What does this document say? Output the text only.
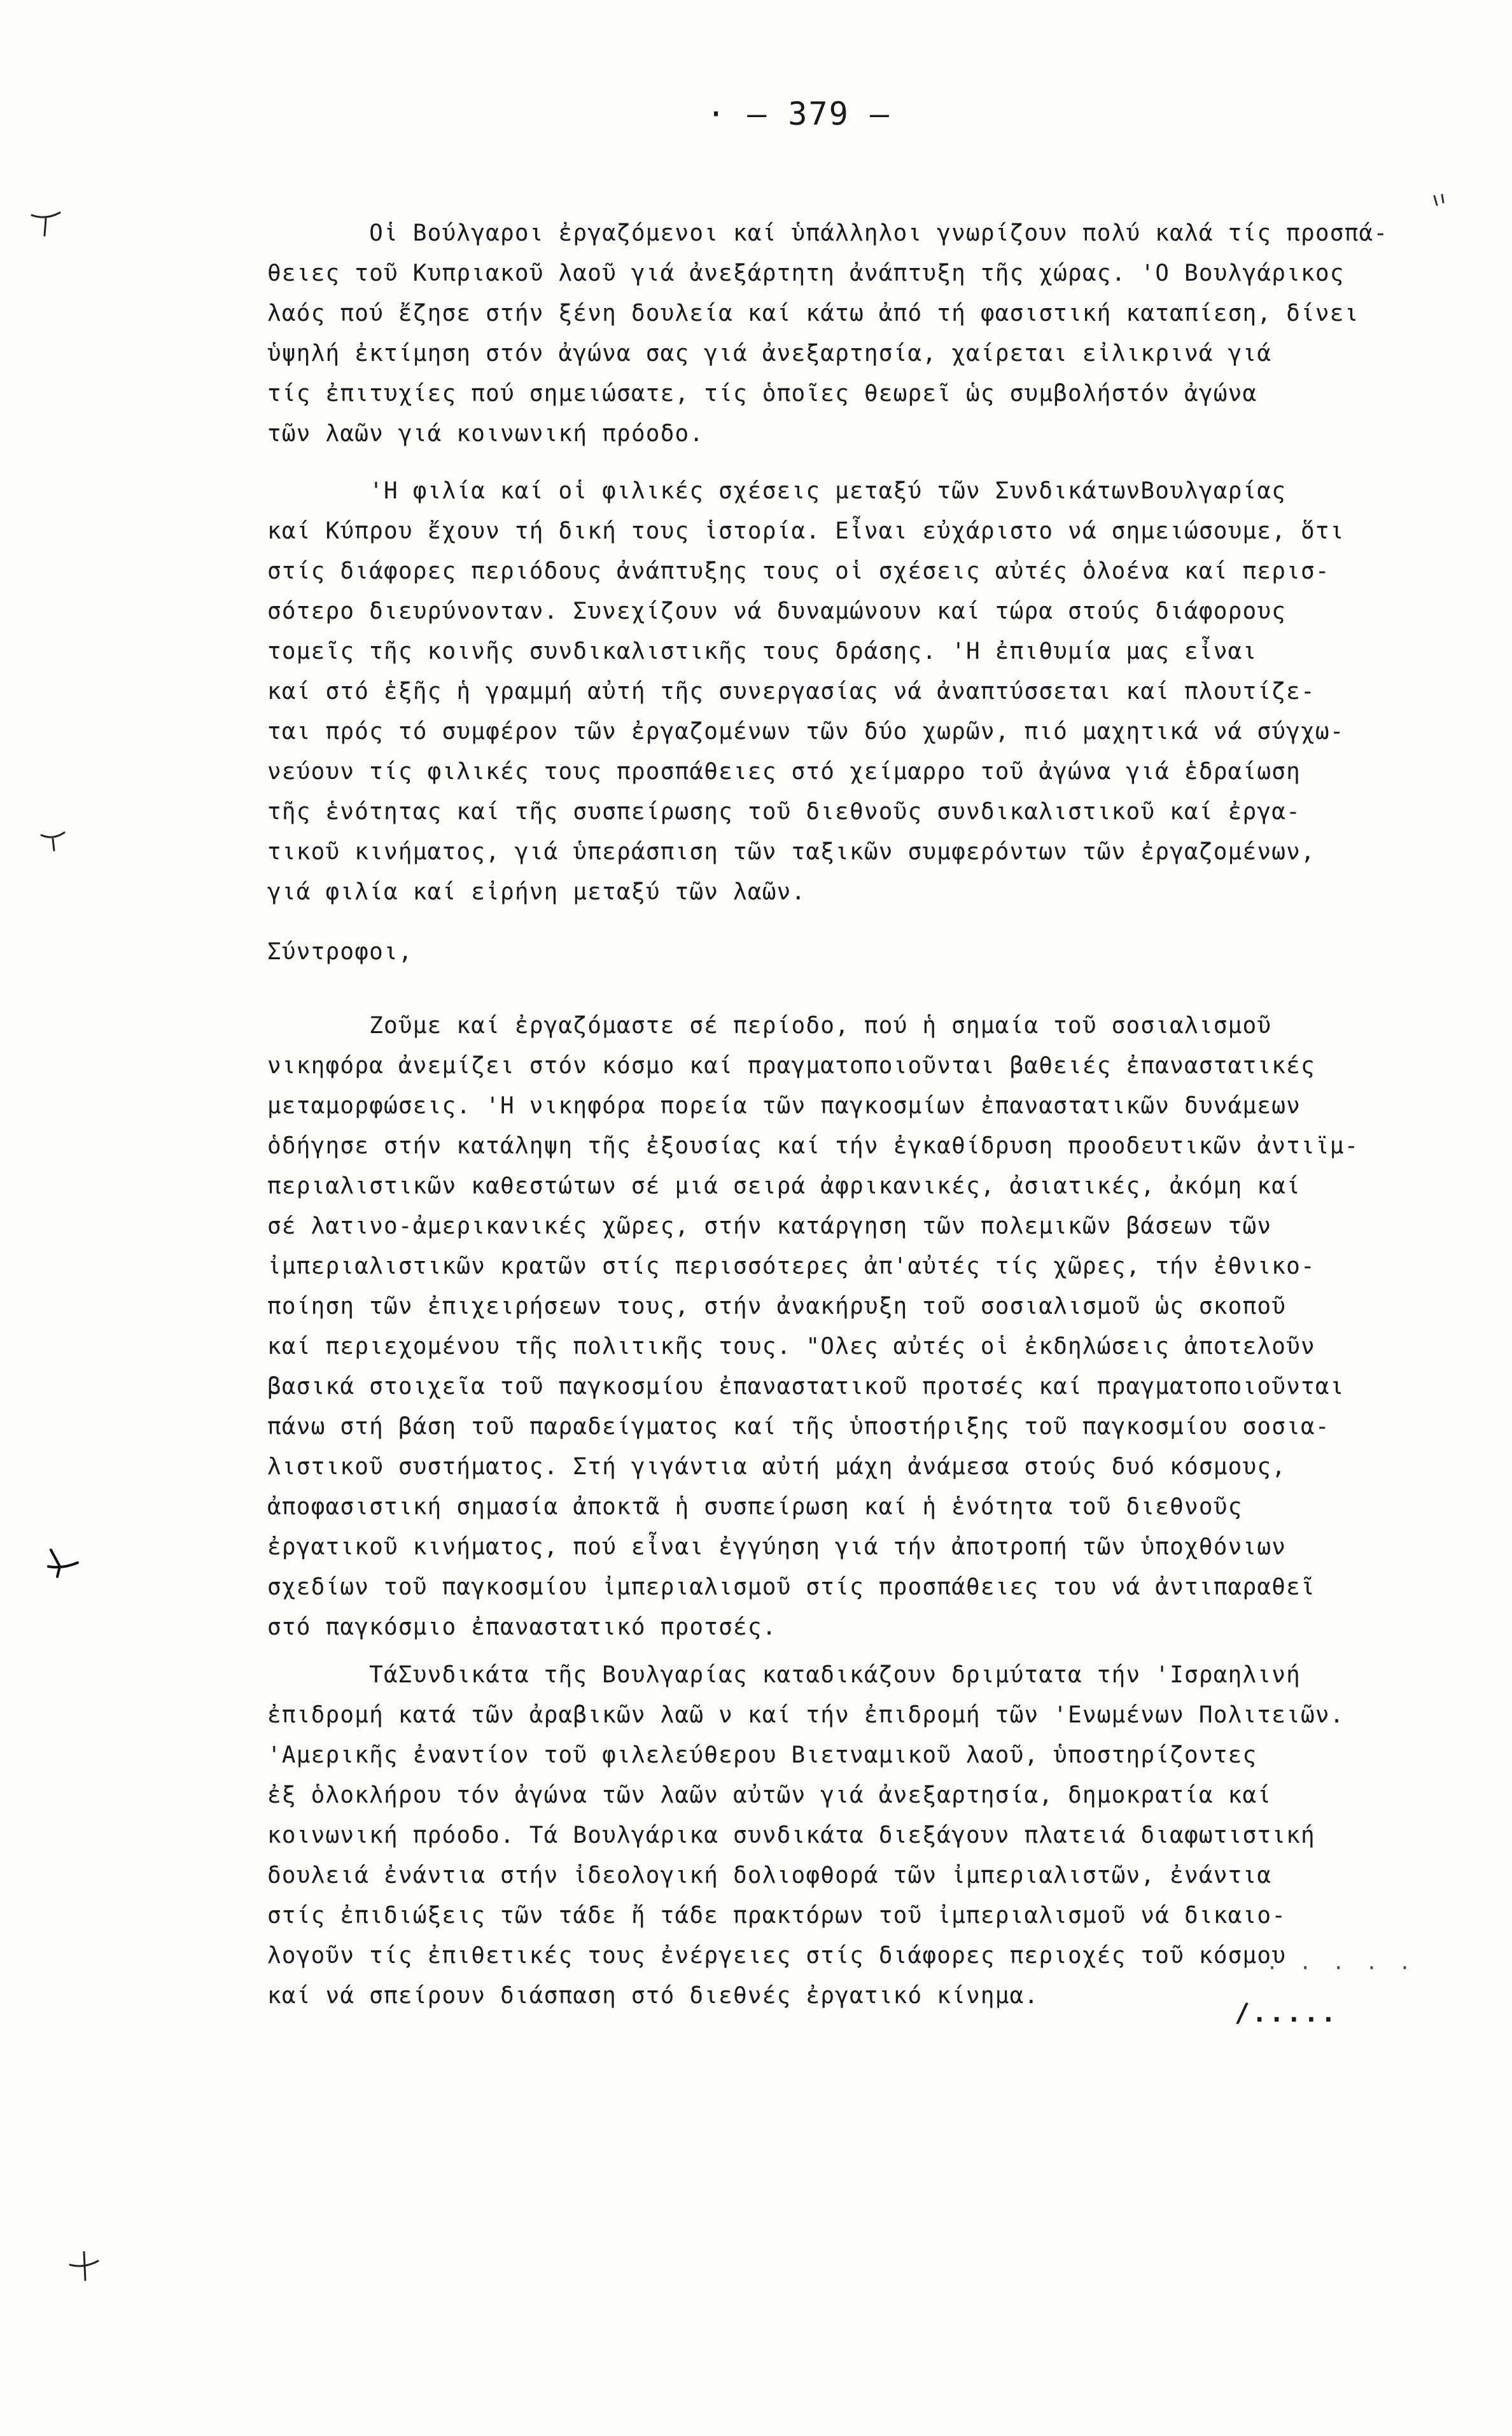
· – 379 –
Οἱ Βούλγαροι ἐργαζόμενοι καί ὑπάλληλοι γνωρίζουν πολύ καλά τίς προσπά-
θειες τοῦ Κυπριακοῦ λαοῦ γιά ἀνεξάρτητη ἀνάπτυξη τῆς χώρας. 'Ο Βουλγάρικος
λαός πού ἔζησε στήν ξένη δουλεία καί κάτω ἀπό τή φασιστική καταπίεση, δίνει
ὑψηλή ἐκτίμηση στόν ἀγώνα σας γιά ἀνεξαρτησία, χαίρεται εἰλικρινά γιά
τίς ἐπιτυχίες πού σημειώσατε, τίς ὁποῖες θεωρεῖ ὡς συμβολήστόν ἀγώνα
τῶν λαῶν γιά κοινωνική πρόοδο.
'Η φιλία καί οἱ φιλικές σχέσεις μεταξύ τῶν ΣυνδικάτωνΒουλγαρίας
καί Κύπρου ἔχουν τή δική τους ἱστορία. Εἶναι εὐχάριστο νά σημειώσουμε, ὅτι
στίς διάφορες περιόδους ἀνάπτυξης τους οἱ σχέσεις αὐτές ὁλοένα καί περισ-
σότερο διευρύνονταν. Συνεχίζουν νά δυναμώνουν καί τώρα στούς διάφορους
τομεῖς τῆς κοινῆς συνδικαλιστικῆς τους δράσης. 'Η ἐπιθυμία μας εἶναι
καί στό ἑξῆς ἡ γραμμή αὐτή τῆς συνεργασίας νά ἀναπτύσσεται καί πλουτίζε-
ται πρός τό συμφέρον τῶν ἐργαζομένων τῶν δύο χωρῶν, πιό μαχητικά νά σύγχω-
νεύουν τίς φιλικές τους προσπάθειες στό χείμαρρο τοῦ ἀγώνα γιά ἑδραίωση
τῆς ἑνότητας καί τῆς συσπείρωσης τοῦ διεθνοῦς συνδικαλιστικοῦ καί ἐργα-
τικοῦ κινήματος, γιά ὑπεράσπιση τῶν ταξικῶν συμφερόντων τῶν ἐργαζομένων,
γιά φιλία καί εἰρήνη μεταξύ τῶν λαῶν.
Σύντροφοι,
Ζοῦμε καί ἐργαζόμαστε σέ περίοδο, πού ἡ σημαία τοῦ σοσιαλισμοῦ
νικηφόρα ἀνεμίζει στόν κόσμο καί πραγματοποιοῦνται βαθειές ἐπαναστατικές
μεταμορφώσεις. 'Η νικηφόρα πορεία τῶν παγκοσμίων ἐπαναστατικῶν δυνάμεων
ὁδήγησε στήν κατάληψη τῆς ἐξουσίας καί τήν ἐγκαθίδρυση προοδευτικῶν ἀντιϊμ-
περιαλιστικῶν καθεστώτων σέ μιά σειρά ἀφρικανικές, ἀσιατικές, ἀκόμη καί
σέ λατινο-ἀμερικανικές χῶρες, στήν κατάργηση τῶν πολεμικῶν βάσεων τῶν
ἰμπεριαλιστικῶν κρατῶν στίς περισσότερες ἀπ'αὐτές τίς χῶρες, τήν ἐθνικο-
ποίηση τῶν ἐπιχειρήσεων τους, στήν ἀνακήρυξη τοῦ σοσιαλισμοῦ ὡς σκοποῦ
καί περιεχομένου τῆς πολιτικῆς τους. "Ολες αὐτές οἱ ἐκδηλώσεις ἀποτελοῦν
βασικά στοιχεῖα τοῦ παγκοσμίου ἐπαναστατικοῦ προτσές καί πραγματοποιοῦνται
πάνω στή βάση τοῦ παραδείγματος καί τῆς ὑποστήριξης τοῦ παγκοσμίου σοσια-
λιστικοῦ συστήματος. Στή γιγάντια αὐτή μάχη ἀνάμεσα στούς δυό κόσμους,
ἀποφασιστική σημασία ἀποκτᾶ ἡ συσπείρωση καί ἡ ἑνότητα τοῦ διεθνοῦς
ἐργατικοῦ κινήματος, πού εἶναι ἐγγύηση γιά τήν ἀποτροπή τῶν ὑποχθόνιων
σχεδίων τοῦ παγκοσμίου ἰμπεριαλισμοῦ στίς προσπάθειες του νά ἀντιπαραθεῖ
στό παγκόσμιο ἐπαναστατικό προτσές.
ΤάΣυνδικάτα τῆς Βουλγαρίας καταδικάζουν δριμύτατα τήν 'Ισραηλινή
ἐπιδρομή κατά τῶν ἀραβικῶν λαῶ ν καί τήν ἐπιδρομή τῶν 'Ενωμένων Πολιτειῶν.
'Αμερικῆς ἐναντίον τοῦ φιλελεύθερου Βιετναμικοῦ λαοῦ, ὑποστηρίζοντες
ἐξ ὁλοκλήρου τόν ἀγώνα τῶν λαῶν αὐτῶν γιά ἀνεξαρτησία, δημοκρατία καί
κοινωνική πρόοδο. Τά Βουλγάρικα συνδικάτα διεξάγουν πλατειά διαφωτιστική
δουλειά ἐνάντια στήν ἰδεολογική δολιοφθορά τῶν ἰμπεριαλιστῶν, ἐνάντια
στίς ἐπιδιώξεις τῶν τάδε ἤ τάδε πρακτόρων τοῦ ἰμπεριαλισμοῦ νά δικαιο-
λογοῦν τίς ἐπιθετικές τους ἐνέργειες στίς διάφορες περιοχές τοῦ κόσμου
καί νά σπείρουν διάσπαση στό διεθνές ἐργατικό κίνημα.
· · · · ·
/.....
